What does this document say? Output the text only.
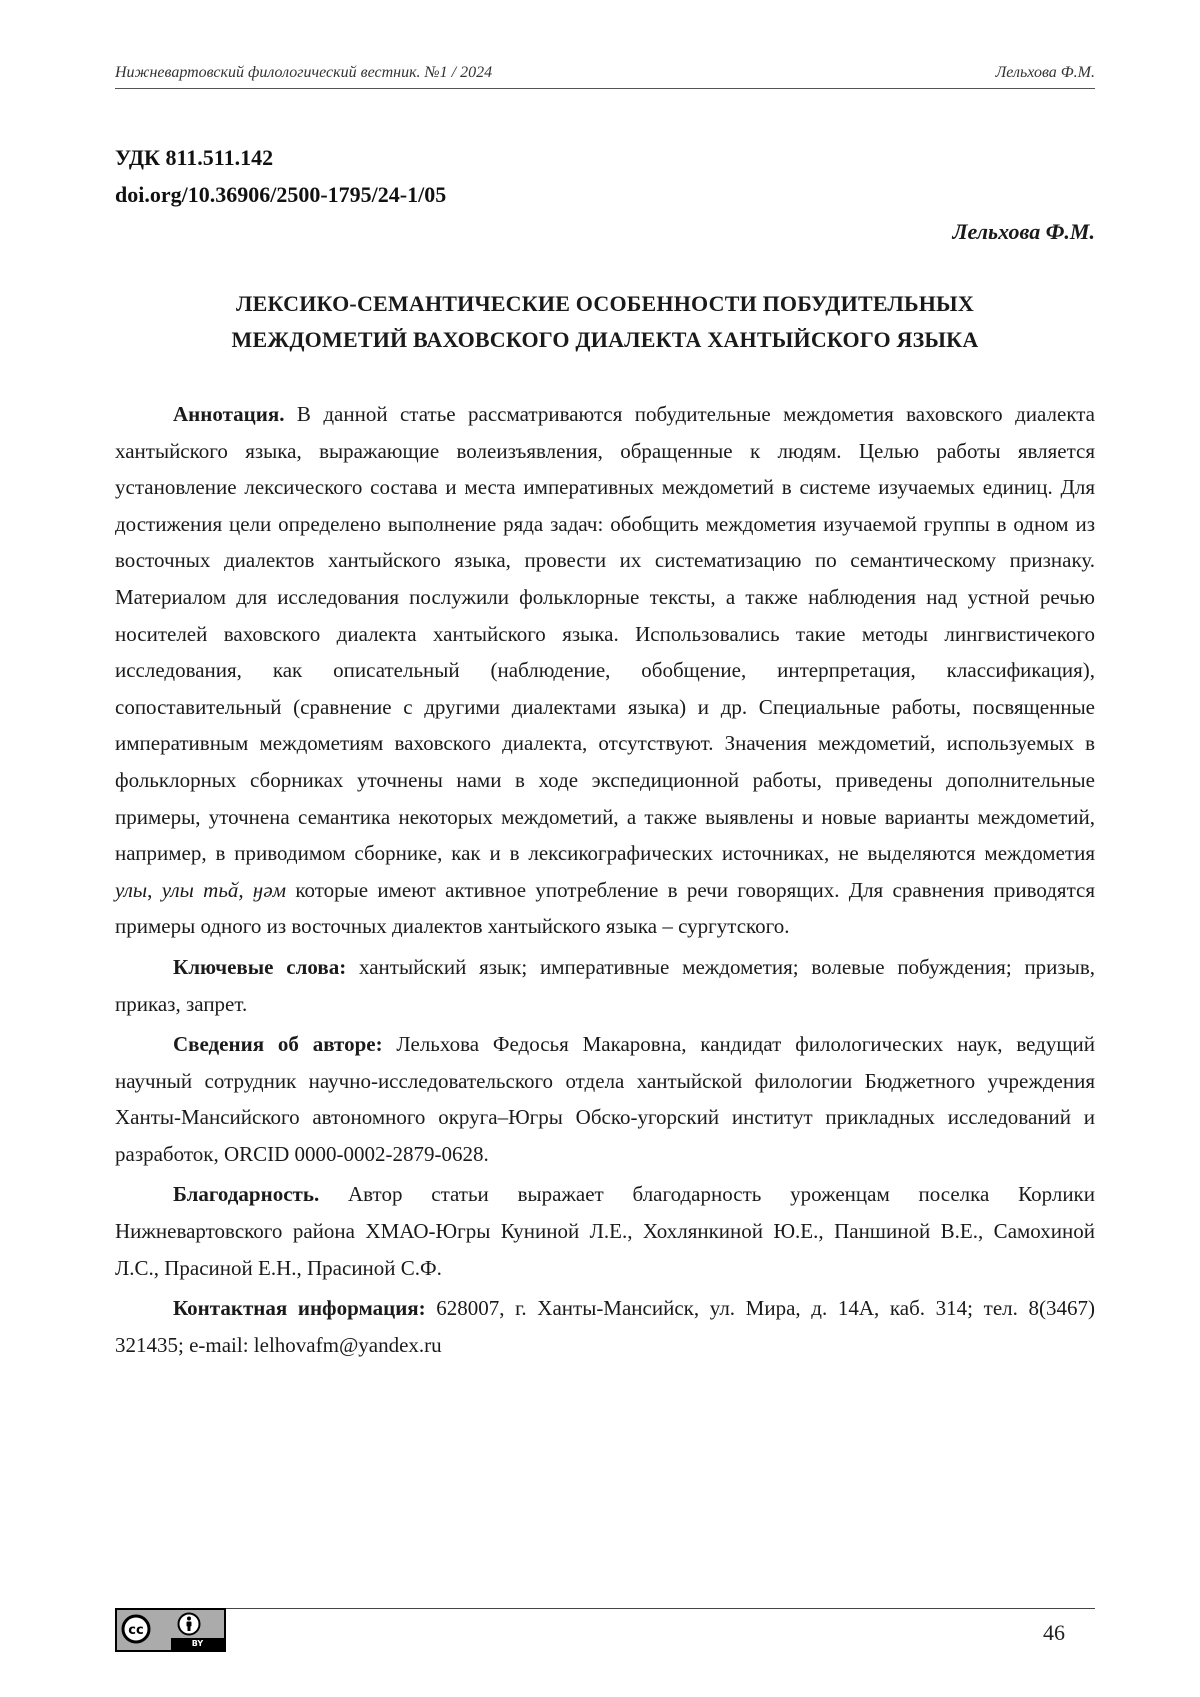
Нижневартовский филологический вестник. №1 / 2024	Лельхова Ф.М.
УДК 811.511.142
doi.org/10.36906/2500-1795/24-1/05
Лельхова Ф.М.
ЛЕКСИКО-СЕМАНТИЧЕСКИЕ ОСОБЕННОСТИ ПОБУДИТЕЛЬНЫХ
МЕЖДОМЕТИЙ ВАХОВСКОГО ДИАЛЕКТА ХАНТЫЙСКОГО ЯЗЫКА

Аннотация. В данной статье рассматриваются побудительные междометия ваховского диалекта хантыйского языка, выражающие волеизъявления, обращенные к людям. Целью работы является установление лексического состава и места императивных междометий в системе изучаемых единиц. Для достижения цели определено выполнение ряда задач: обобщить междометия изучаемой группы в одном из восточных диалектов хантыйского языка, провести их систематизацию по семантическому признаку. Материалом для исследования послужили фольклорные тексты, а также наблюдения над устной речью носителей ваховского диалекта хантыйского языка. Использовались такие методы лингвистичекого исследования, как описательный (наблюдение, обобщение, интерпретация, классификация), сопоставительный (сравнение с другими диалектами языка) и др. Специальные работы, посвященные императивным междометиям ваховского диалекта, отсутствуют. Значения междометий, используемых в фольклорных сборниках уточнены нами в ходе экспедиционной работы, приведены дополнительные примеры, уточнена семантика некоторых междометий, а также выявлены и новые варианты междометий, например, в приводимом сборнике, как и в лексикографических источниках, не выделяются междометия улы, улы тьӑ, ӈәм которые имеют активное употребление в речи говорящих. Для сравнения приводятся примеры одного из восточных диалектов хантыйского языка – сургутского.

Ключевые слова: хантыйский язык; императивные междометия; волевые побуждения; призыв, приказ, запрет.

Сведения об авторе: Лельхова Федосья Макаровна, кандидат филологических наук, ведущий научный сотрудник научно-исследовательского отдела хантыйской филологии Бюджетного учреждения Ханты-Мансийского автономного округа–Югры Обско-угорский институт прикладных исследований и разработок, ORCID 0000-0002-2879-0628.

Благодарность. Автор статьи выражает благодарность уроженцам поселка Корлики Нижневартовского района ХМАО-Югры Куниной Л.Е., Хохлянкиной Ю.Е., Паншиной В.Е., Самохиной Л.С., Прасиной Е.Н., Прасиной С.Ф.

Контактная информация: 628007, г. Ханты-Мансийск, ул. Мира, д. 14А, каб. 314; тел. 8(3467) 321435; e-mail: lelhovafm@yandex.ru

cc
BY	46
